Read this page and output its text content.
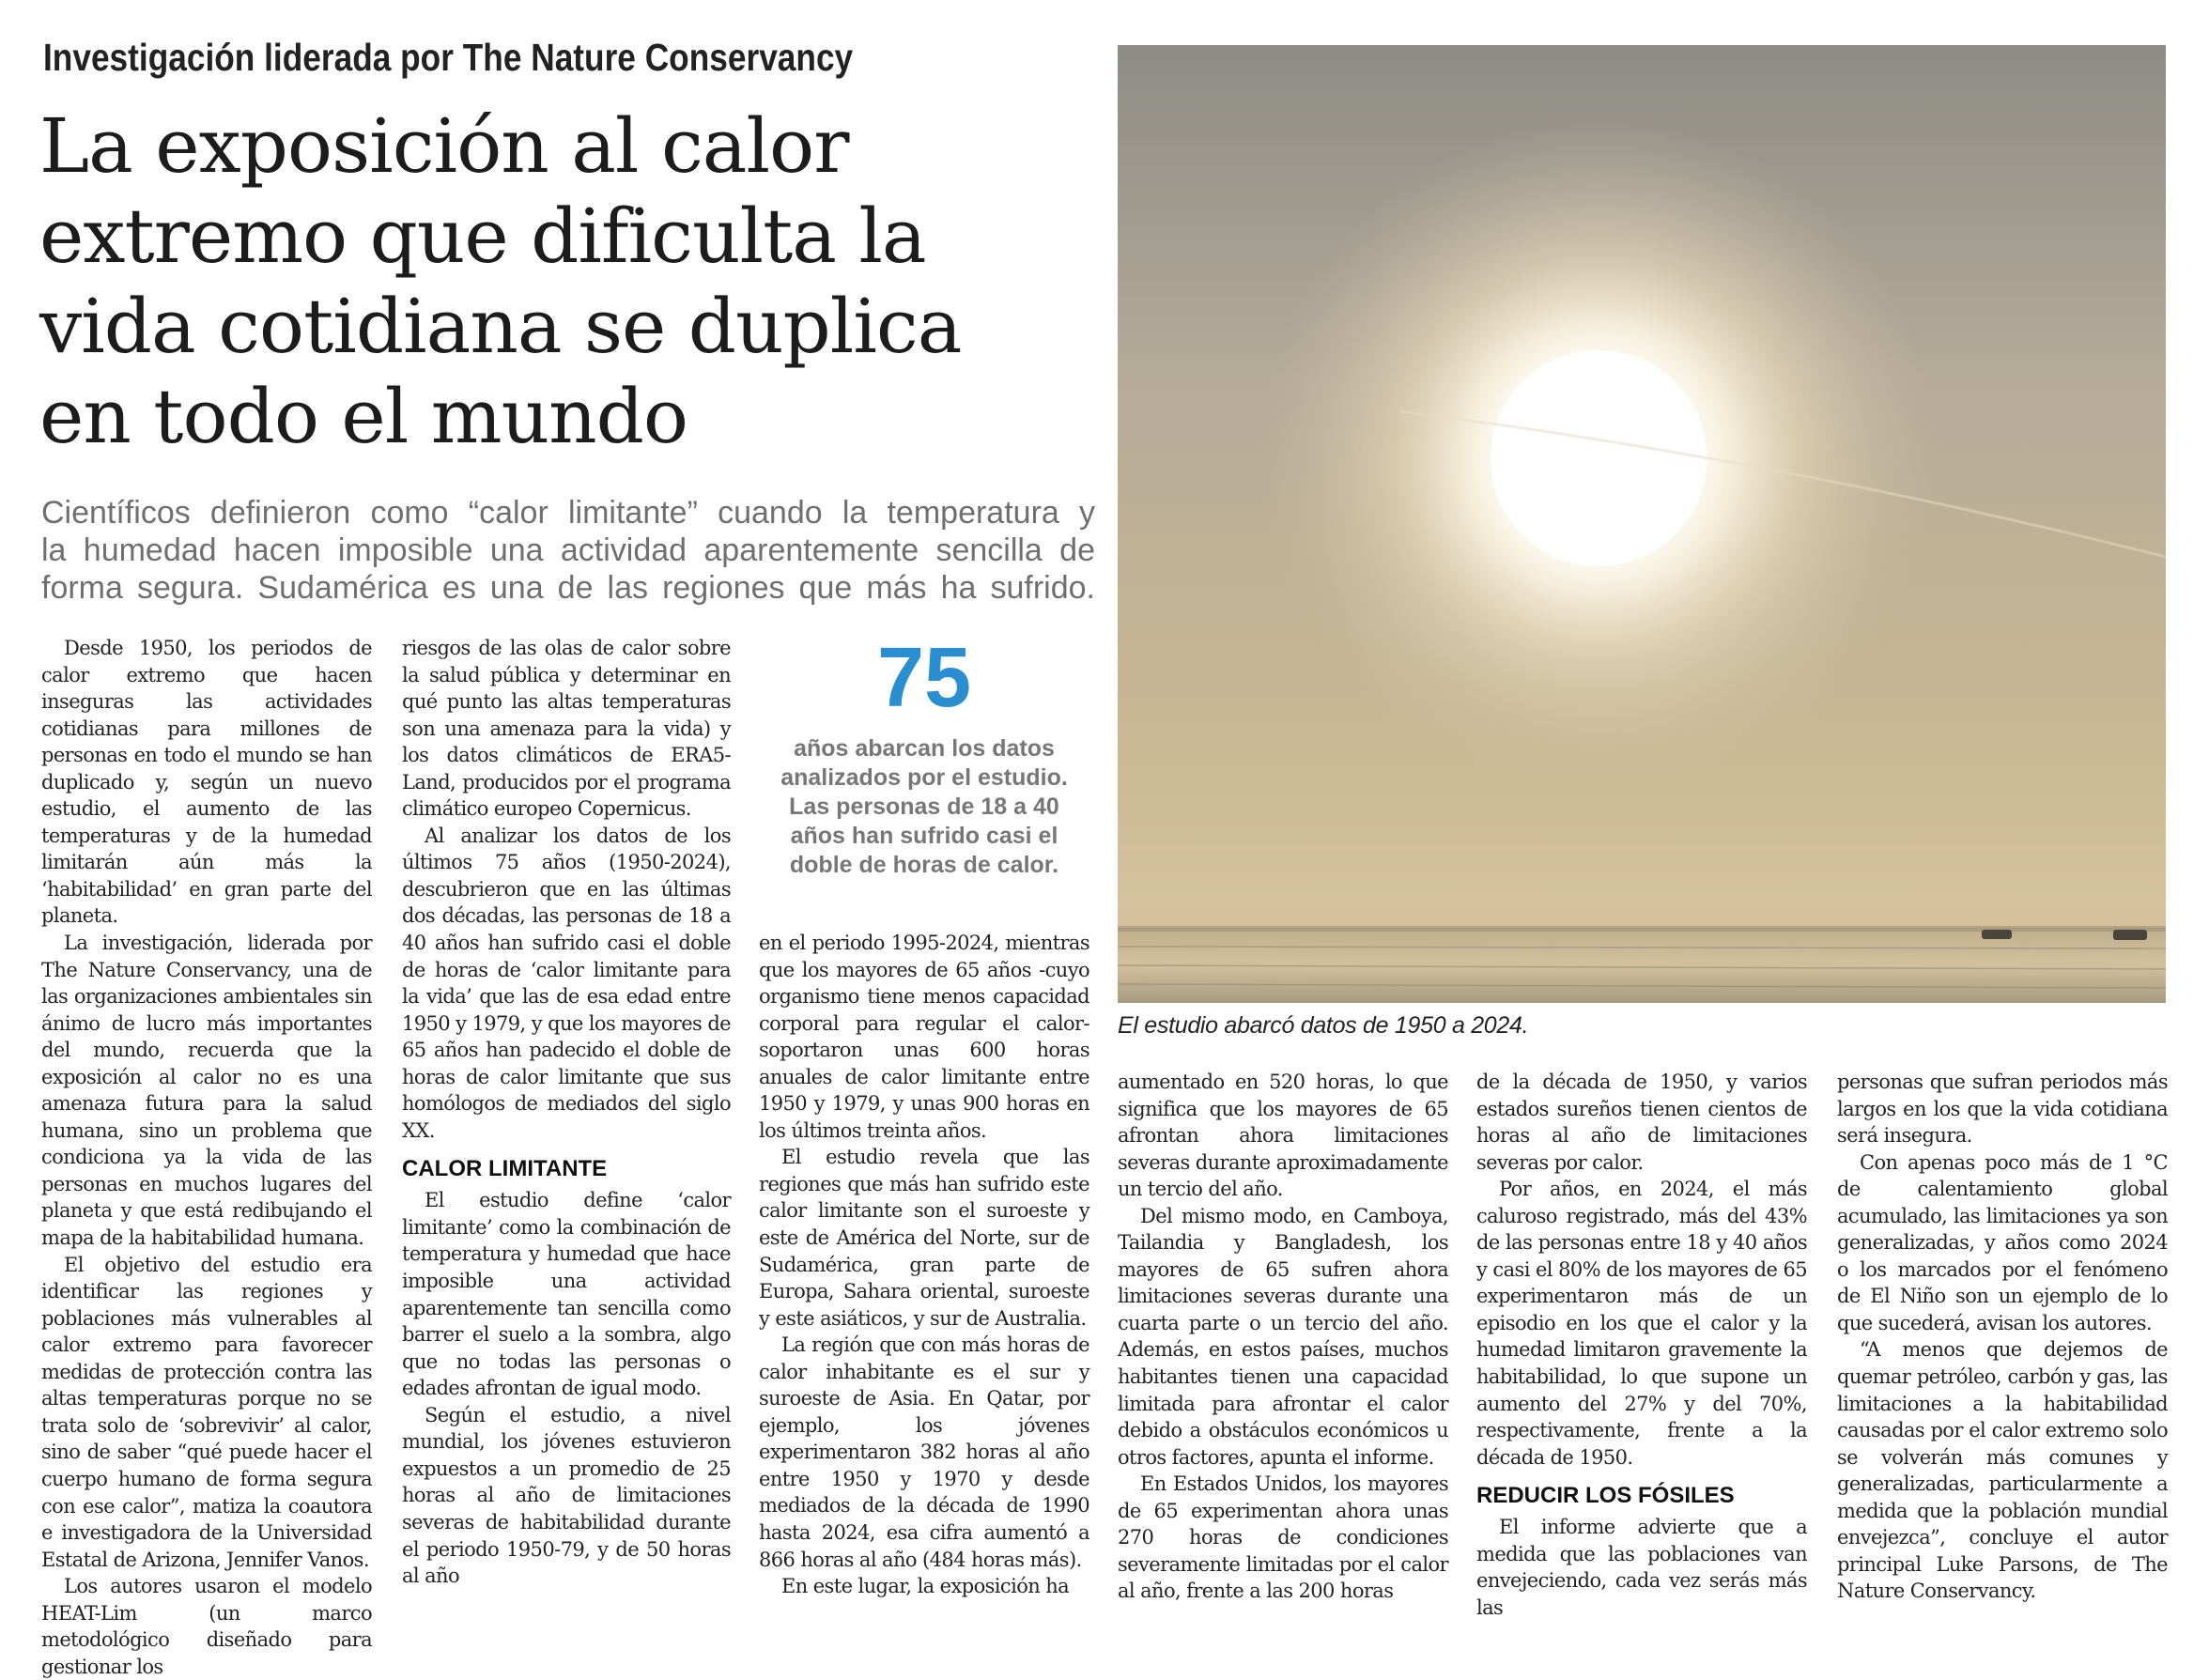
Investigación liderada por The Nature Conservancy
La exposición al calor
extremo que dificulta la
vida cotidiana se duplica
en todo el mundo
Científicos definieron como “calor limitante” cuando la temperatura y
la humedad hacen imposible una actividad aparentemente sencilla de
forma segura. Sudamérica es una de las regiones que más ha sufrido.

Desde 1950, los periodos de calor extremo que hacen inseguras las actividades cotidianas para millones de personas en todo el mundo se han duplicado y, según un nuevo estudio, el aumento de las temperaturas y de la humedad limitarán aún más la ‘habitabilidad’ en gran parte del planeta.

La investigación, liderada por The Nature Conservancy, una de las organizaciones ambientales sin ánimo de lucro más importantes del mundo, recuerda que la exposición al calor no es una amenaza futura para la salud humana, sino un problema que condiciona ya la vida de las personas en muchos lugares del planeta y que está redibujando el mapa de la habitabilidad humana.

El objetivo del estudio era identificar las regiones y poblaciones más vulnerables al calor extremo para favorecer medidas de protección contra las altas temperaturas porque no se trata solo de ‘sobrevivir’ al calor, sino de saber “qué puede hacer el cuerpo humano de forma segura con ese calor”, matiza la coautora e investigadora de la Universidad Estatal de Arizona, Jennifer Vanos.

Los autores usaron el modelo HEAT-Lim (un marco metodológico diseñado para gestionar los

riesgos de las olas de calor sobre la salud pública y determinar en qué punto las altas temperaturas son una amenaza para la vida) y los datos climáticos de ERA5-Land, producidos por el programa climático europeo Copernicus.

Al analizar los datos de los últimos 75 años (1950-2024), descubrieron que en las últimas dos décadas, las personas de 18 a 40 años han sufrido casi el doble de horas de ‘calor limitante para la vida’ que las de esa edad entre 1950 y 1979, y que los mayores de 65 años han padecido el doble de horas de calor limitante que sus homólogos de mediados del siglo XX.

CALOR LIMITANTE

El estudio define ‘calor limitante’ como la combinación de temperatura y humedad que hace imposible una actividad aparentemente tan sencilla como barrer el suelo a la sombra, algo que no todas las personas o edades afrontan de igual modo.

Según el estudio, a nivel mundial, los jóvenes estuvieron expuestos a un promedio de 25 horas al año de limitaciones severas de habitabilidad durante el periodo 1950-79, y de 50 horas al año

75
años abarcan los datos analizados por el estudio. Las personas de 18 a 40 años han sufrido casi el doble de horas de calor.

en el periodo 1995-2024, mientras que los mayores de 65 años -cuyo organismo tiene menos capacidad corporal para regular el calor- soportaron unas 600 horas anuales de calor limitante entre 1950 y 1979, y unas 900 horas en los últimos treinta años.

El estudio revela que las regiones que más han sufrido este calor limitante son el suroeste y este de América del Norte, sur de Sudamérica, gran parte de Europa, Sahara oriental, suroeste y este asiáticos, y sur de Australia.

La región que con más horas de calor inhabitante es el sur y suroeste de Asia. En Qatar, por ejemplo, los jóvenes experimentaron 382 horas al año entre 1950 y 1970 y desde mediados de la década de 1990 hasta 2024, esa cifra aumentó a 866 horas al año (484 horas más).

En este lugar, la exposición ha

El estudio abarcó datos de 1950 a 2024.

aumentado en 520 horas, lo que significa que los mayores de 65 afrontan ahora limitaciones severas durante aproximadamente un tercio del año.

Del mismo modo, en Camboya, Tailandia y Bangladesh, los mayores de 65 sufren ahora limitaciones severas durante una cuarta parte o un tercio del año. Además, en estos países, muchos habitantes tienen una capacidad limitada para afrontar el calor debido a obstáculos económicos u otros factores, apunta el informe.

En Estados Unidos, los mayores de 65 experimentan ahora unas 270 horas de condiciones severamente limitadas por el calor al año, frente a las 200 horas

de la década de 1950, y varios estados sureños tienen cientos de horas al año de limitaciones severas por calor.

Por años, en 2024, el más caluroso registrado, más del 43% de las personas entre 18 y 40 años y casi el 80% de los mayores de 65 experimentaron más de un episodio en los que el calor y la humedad limitaron gravemente la habitabilidad, lo que supone un aumento del 27% y del 70%, respectivamente, frente a la década de 1950.

REDUCIR LOS FÓSILES

El informe advierte que a medida que las poblaciones van envejeciendo, cada vez serás más las

personas que sufran periodos más largos en los que la vida cotidiana será insegura.

Con apenas poco más de 1 °C de calentamiento global acumulado, las limitaciones ya son generalizadas, y años como 2024 o los marcados por el fenómeno de El Niño son un ejemplo de lo que sucederá, avisan los autores.

“A menos que dejemos de quemar petróleo, carbón y gas, las limitaciones a la habitabilidad causadas por el calor extremo solo se volverán más comunes y generalizadas, particularmente a medida que la población mundial envejezca”, concluye el autor principal Luke Parsons, de The Nature Conservancy.
